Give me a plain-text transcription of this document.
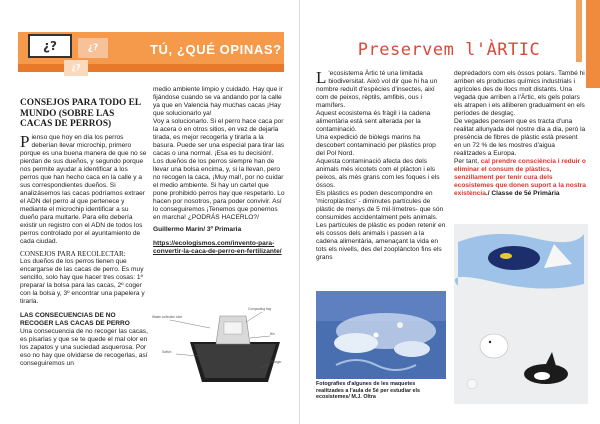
¿?	¿?
¿?
TÚ, ¿QUÉ OPINAS?
CONSEJOS PARA TODO EL MUNDO (SOBRE LAS CACAS DE PERROS)

Pienso que hoy en día los perros deberían llevar microchip, primero porque es una buena manera de que no se pierdan de sus dueños, y segundo porque nos permite ayudar a identificar a los perros que han hecho caca en la calle y a sus correspondientes dueños. Si analizásemos las cacas podríamos extraer el ADN del perro al que pertenece y mediante el microchip identificar a su dueño para multarle. Para ello debería existir un registro con el ADN de todos los perros controlado por el ayuntamiento de cada ciudad.

CONSEJOS PARA RECOLECTAR:

Los dueños de los perros tienen que encargarse de las cacas de perro. Es muy sencillo, solo hay que hacer tres cosas: 1º preparar la bolsa para las cacas, 2º coger con la bolsa y, 3º encontrar una papelera y tirarla.

LAS CONSECUENCIAS DE NO RECOGER LAS CACAS DE PERRO

Una consecuencia de no recoger las cacas, es pisarlas y que se te quede el mal olor en los zapatos y una suciedad asquerosa. Por eso no hay que olvidarse de recogerlas, así conseguiremos un

medio ambiente limpio y cuidado. Hay que ir fijándose cuando se va andando por la calle ya que en Valencia hay muchas cacas ¡Hay que solucionarlo ya!

Voy a solucionarlo. Si el perro hace caca por la acera o en otros sitios, en vez de dejarla tirada, es mejor recogerla y tirarla a la basura. Puede ser una especial para tirar las cacas o una normal. ¡Esa es tu decisión!.

Los dueños de los perros siempre han de llevar una bolsa encima, y, si la llevan, pero no recogen la caca, ¡Muy mal!, por no cuidar el medio ambiente. Si hay un cartel que pone prohibido perros hay que respetarlo. Lo hacen por nosotros, para poder convivir. Así lo conseguiremos ¡Tenemos que ponernos en marcha! ¿PODRÁS HACERLO?/

Guillermo Marín/ 3º Primaria

https://ecologismos.com/invento-para-convertir-la-caca-de-perro-en-fertilizante/

Waste collection tube
Composting tray
Bin
Switch
Charger
Preservem l'ÀRTIC

L 'ecosistema Àrtic té una limitada biodiversitat. Això vol dir que hi ha un nombre reduït d'espècies d'insectes, així com de peixos, rèptils, amfibis, ous i mamífers.

Aquest ecosistema és fràgil i la cadena alimentària està sent alterada per la contaminació.

Una expedició de biòlegs marins ha descobert contaminació per plàstics prop del Pol Nord.

Aquesta contaminació afecta des dels animals més xicotets com el plàcton i els peixos, als més grans com les foques i els óssos.

Els plàstics es poden descompondre en 'microplàstics' - diminutes partícules de plàstic de menys de 5 mil·límetres- que són consumides accidentalment pels animals.

Les partícules de plàstic es poden retenir en els cossos dels animals i passen a la cadena alimentària, amenaçant la vida en tots els nivells, des del zooplàncton fins els grans

depredadors com els óssos polars. També hi arriben els productes químics industrials i agrícoles des de llocs molt distants. Una vegada que arriben a l'Àrtic, els gels polars els atrapen i els alliberen gradualment en els períodes de desglaç.

De vegades pensem que es tracta d'una realitat allunyada del nostre dia a dia, però la presència de fibres de plàstic està present en un 72 % de les mostres d'aigua realitzades a Europa.

Per tant, cal prendre consciència i reduir o eliminar el consum de plàstics, senzillament per tenir cura dels ecosistemes que donen suport a la nostra existència./ Classe de 5é Primària

Fotografies d'algunes de les maquetes realitzades a l'aula de 5é per estudiar els ecosistemes/ M.J. Oltra
